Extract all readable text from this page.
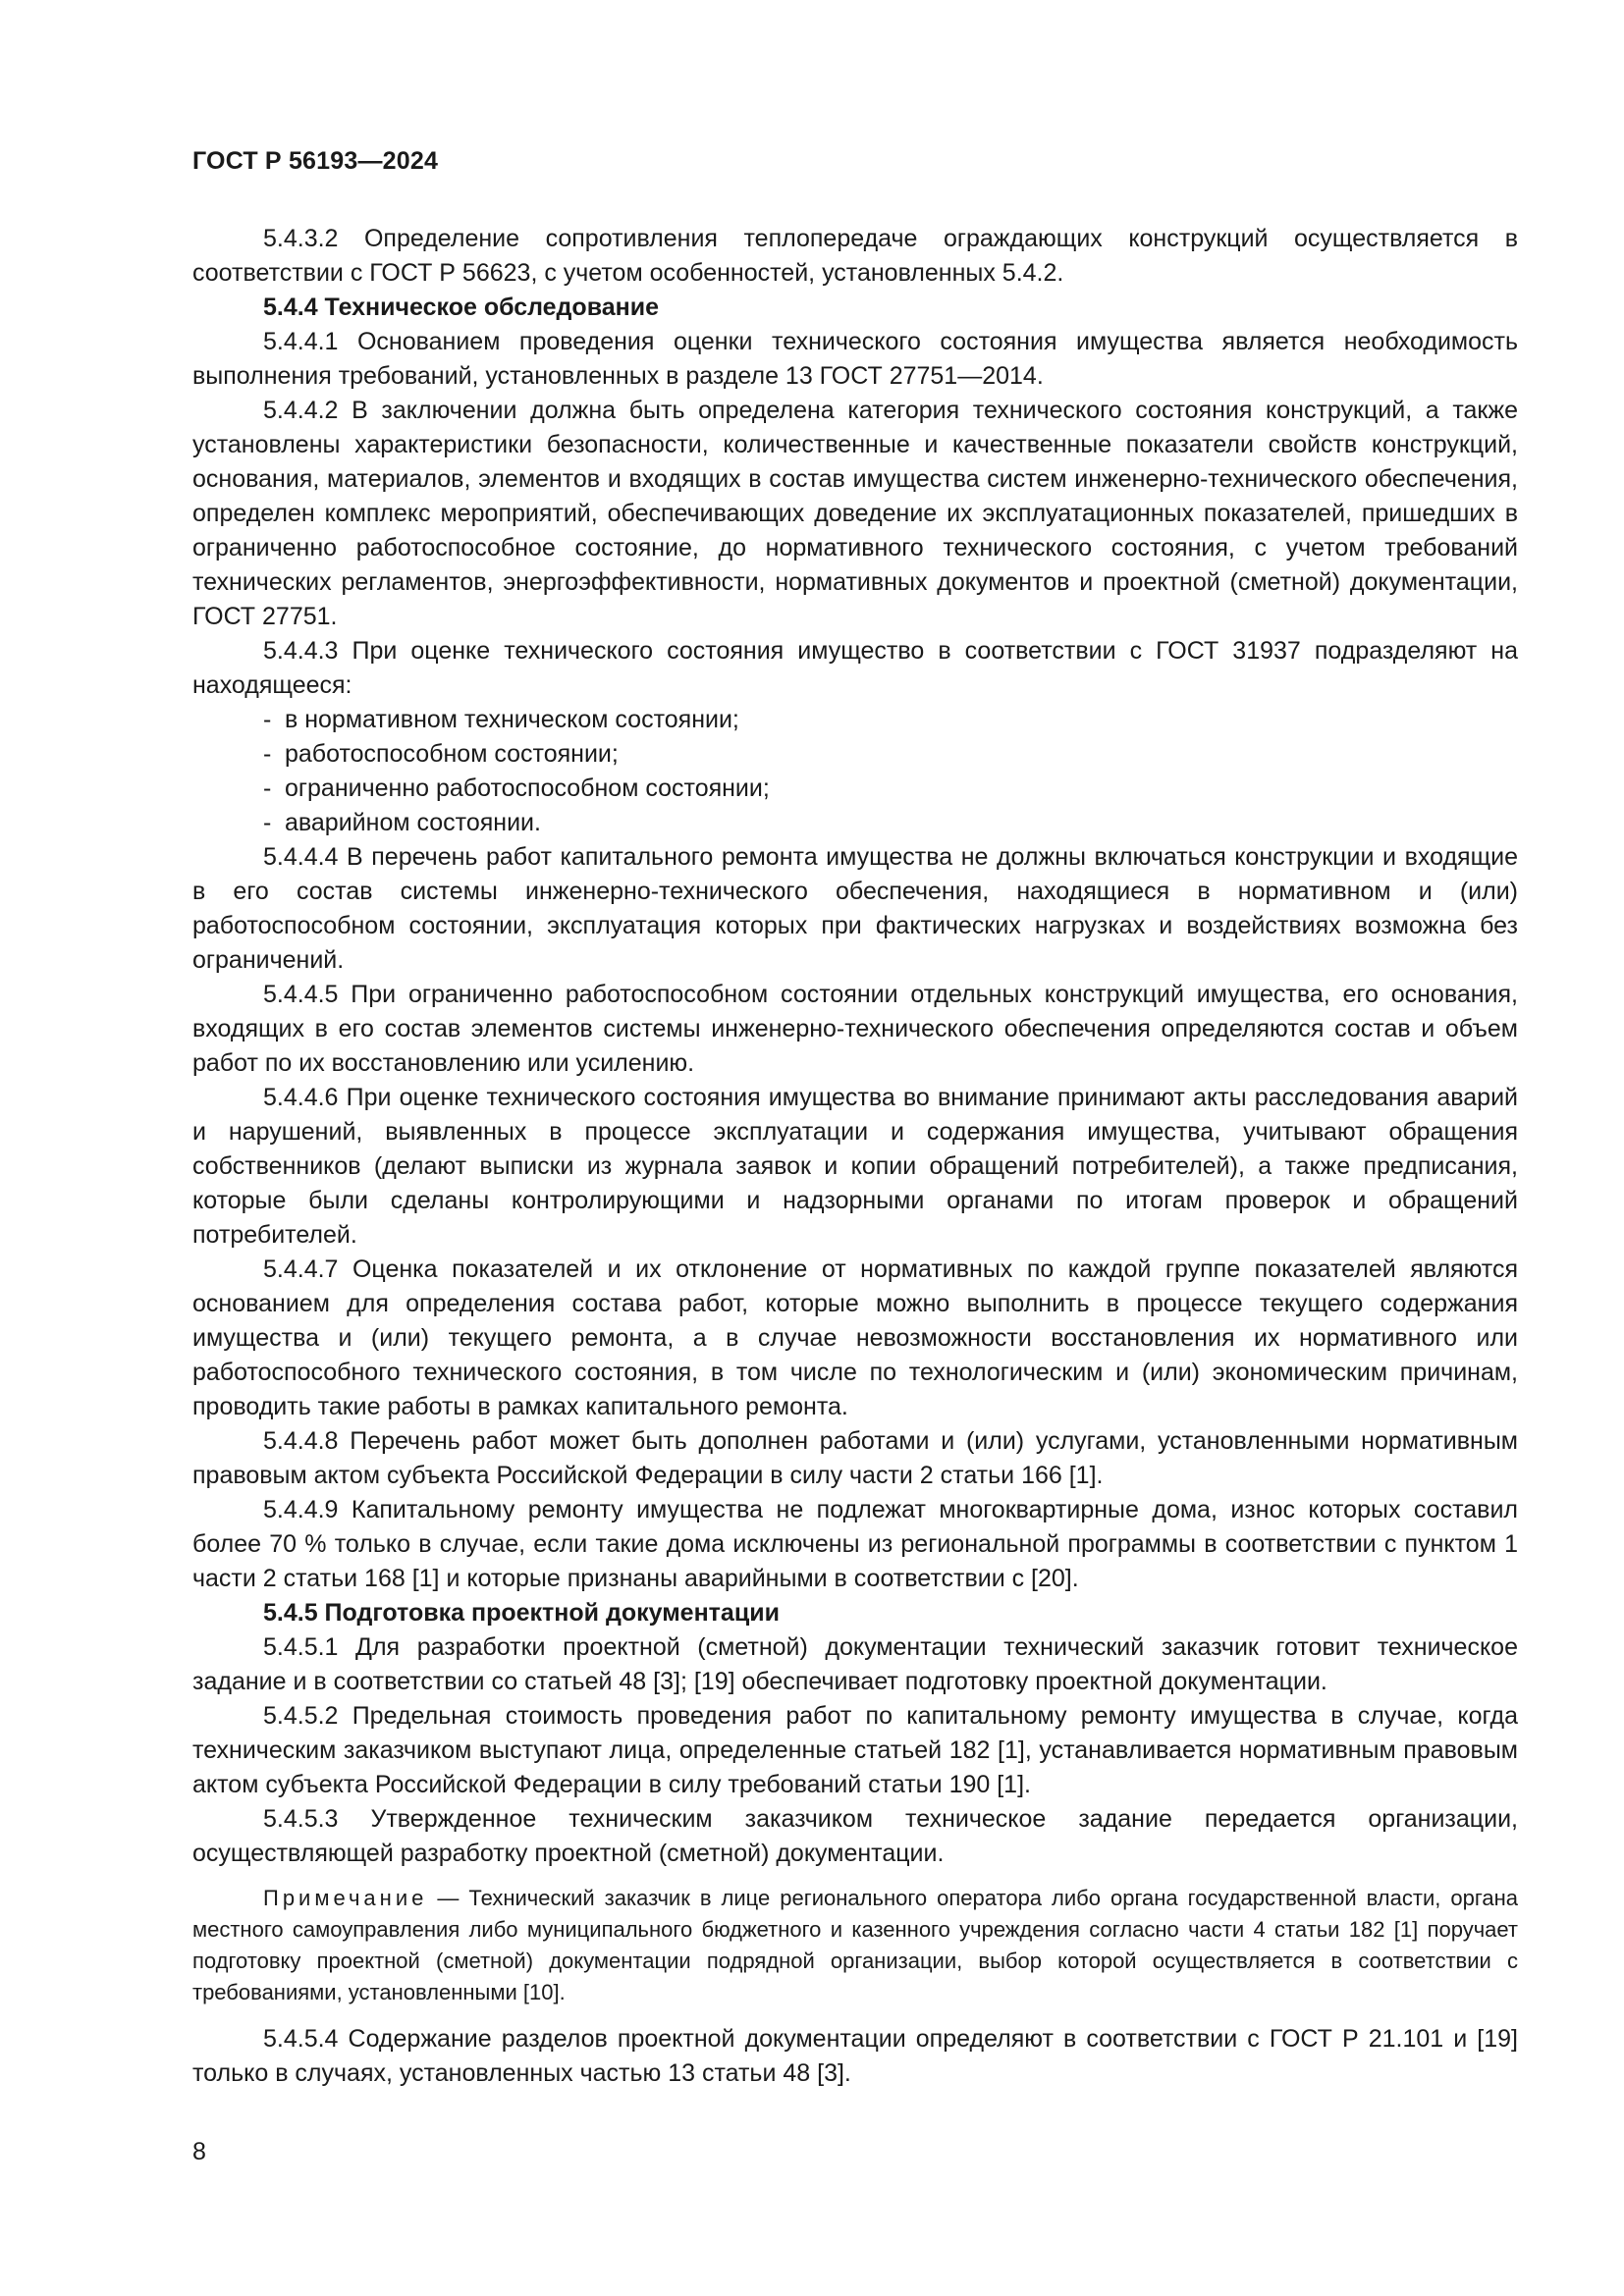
ГОСТ Р 56193—2024

5.4.3.2 Определение сопротивления теплопередаче ограждающих конструкций осуществляется в соответствии с ГОСТ Р 56623, с учетом особенностей, установленных 5.4.2.

5.4.4 Техническое обследование

5.4.4.1 Основанием проведения оценки технического состояния имущества является необходимость выполнения требований, установленных в разделе 13 ГОСТ 27751—2014.

5.4.4.2 В заключении должна быть определена категория технического состояния конструкций, а также установлены характеристики безопасности, количественные и качественные показатели свойств конструкций, основания, материалов, элементов и входящих в состав имущества систем инженерно-технического обеспечения, определен комплекс мероприятий, обеспечивающих доведение их эксплуатационных показателей, пришедших в ограниченно работоспособное состояние, до нормативного технического состояния, с учетом требований технических регламентов, энергоэффективности, нормативных документов и проектной (сметной) документации, ГОСТ 27751.

5.4.4.3 При оценке технического состояния имущество в соответствии с ГОСТ 31937 подразделяют на находящееся:

- в нормативном техническом состоянии;

- работоспособном состоянии;

- ограниченно работоспособном состоянии;

- аварийном состоянии.

5.4.4.4 В перечень работ капитального ремонта имущества не должны включаться конструкции и входящие в его состав системы инженерно-технического обеспечения, находящиеся в нормативном и (или) работоспособном состоянии, эксплуатация которых при фактических нагрузках и воздействиях возможна без ограничений.

5.4.4.5 При ограниченно работоспособном состоянии отдельных конструкций имущества, его основания, входящих в его состав элементов системы инженерно-технического обеспечения определяются состав и объем работ по их восстановлению или усилению.

5.4.4.6 При оценке технического состояния имущества во внимание принимают акты расследования аварий и нарушений, выявленных в процессе эксплуатации и содержания имущества, учитывают обращения собственников (делают выписки из журнала заявок и копии обращений потребителей), а также предписания, которые были сделаны контролирующими и надзорными органами по итогам проверок и обращений потребителей.

5.4.4.7 Оценка показателей и их отклонение от нормативных по каждой группе показателей являются основанием для определения состава работ, которые можно выполнить в процессе текущего содержания имущества и (или) текущего ремонта, а в случае невозможности восстановления их нормативного или работоспособного технического состояния, в том числе по технологическим и (или) экономическим причинам, проводить такие работы в рамках капитального ремонта.

5.4.4.8 Перечень работ может быть дополнен работами и (или) услугами, установленными нормативным правовым актом субъекта Российской Федерации в силу части 2 статьи 166 [1].

5.4.4.9 Капитальному ремонту имущества не подлежат многоквартирные дома, износ которых составил более 70 % только в случае, если такие дома исключены из региональной программы в соответствии с пунктом 1 части 2 статьи 168 [1] и которые признаны аварийными в соответствии с [20].

5.4.5 Подготовка проектной документации

5.4.5.1 Для разработки проектной (сметной) документации технический заказчик готовит техническое задание и в соответствии со статьей 48 [3]; [19] обеспечивает подготовку проектной документации.

5.4.5.2 Предельная стоимость проведения работ по капитальному ремонту имущества в случае, когда техническим заказчиком выступают лица, определенные статьей 182 [1], устанавливается нормативным правовым актом субъекта Российской Федерации в силу требований статьи 190 [1].

5.4.5.3 Утвержденное техническим заказчиком техническое задание передается организации, осуществляющей разработку проектной (сметной) документации.

Примечание — Технический заказчик в лице регионального оператора либо органа государственной власти, органа местного самоуправления либо муниципального бюджетного и казенного учреждения согласно части 4 статьи 182 [1] поручает подготовку проектной (сметной) документации подрядной организации, выбор которой осуществляется в соответствии с требованиями, установленными [10].

5.4.5.4 Содержание разделов проектной документации определяют в соответствии с ГОСТ Р 21.101 и [19] только в случаях, установленных частью 13 статьи 48 [3].

8
